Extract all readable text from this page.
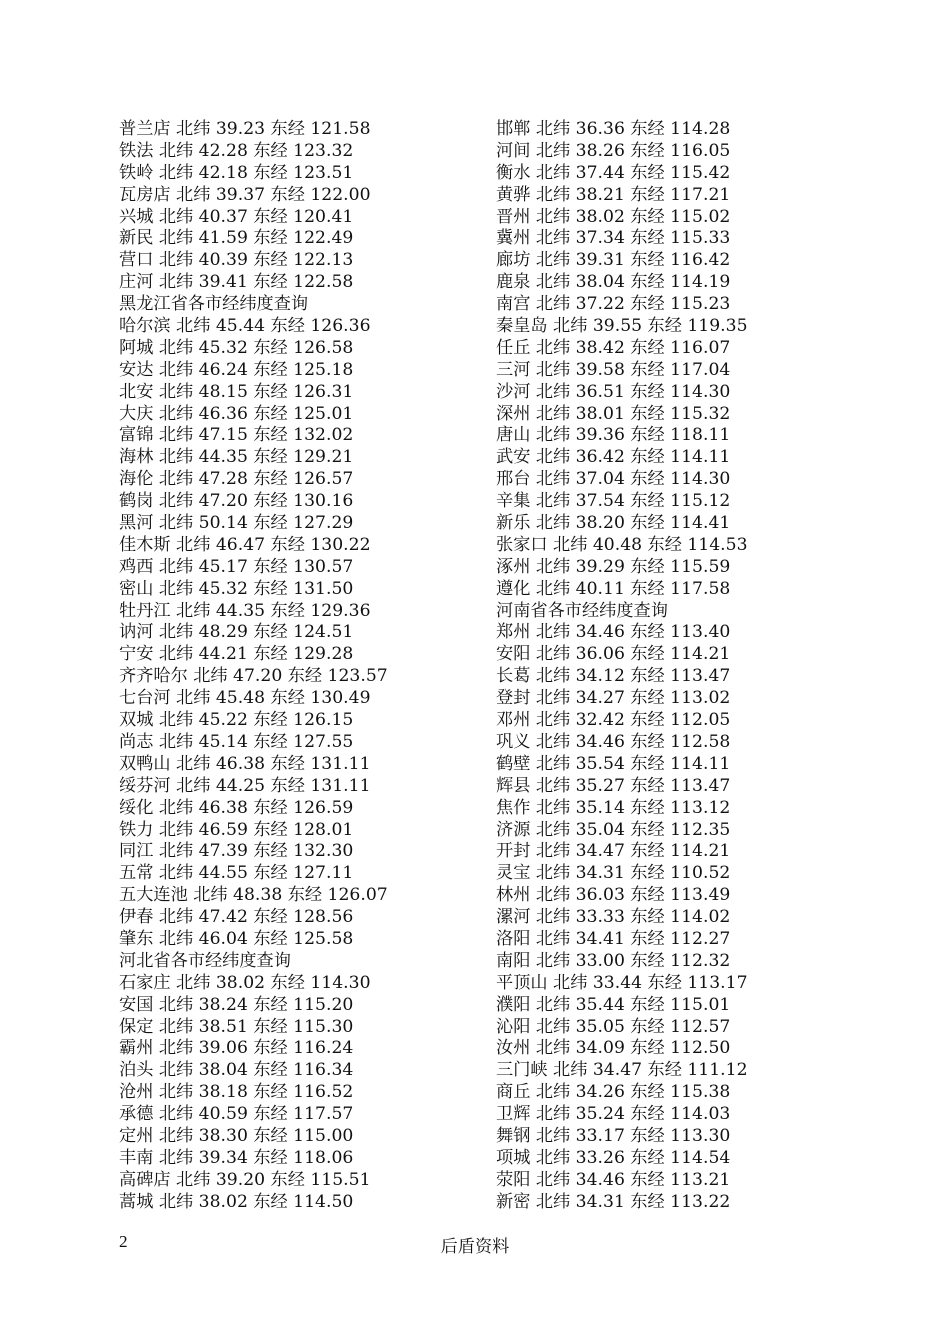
普兰店 北纬 39.23 东经 121.58
铁法 北纬 42.28 东经 123.32
铁岭 北纬 42.18 东经 123.51
瓦房店 北纬 39.37 东经 122.00
兴城 北纬 40.37 东经 120.41
新民 北纬 41.59 东经 122.49
营口 北纬 40.39 东经 122.13
庄河 北纬 39.41 东经 122.58
黑龙江省各市经纬度查询
哈尔滨 北纬 45.44 东经 126.36
阿城 北纬 45.32 东经 126.58
安达 北纬 46.24 东经 125.18
北安 北纬 48.15 东经 126.31
大庆 北纬 46.36 东经 125.01
富锦 北纬 47.15 东经 132.02
海林 北纬 44.35 东经 129.21
海伦 北纬 47.28 东经 126.57
鹤岗 北纬 47.20 东经 130.16
黑河 北纬 50.14 东经 127.29
佳木斯 北纬 46.47 东经 130.22
鸡西 北纬 45.17 东经 130.57
密山 北纬 45.32 东经 131.50
牡丹江 北纬 44.35 东经 129.36
讷河 北纬 48.29 东经 124.51
宁安 北纬 44.21 东经 129.28
齐齐哈尔 北纬 47.20 东经 123.57
七台河 北纬 45.48 东经 130.49
双城 北纬 45.22 东经 126.15
尚志 北纬 45.14 东经 127.55
双鸭山 北纬 46.38 东经 131.11
绥芬河 北纬 44.25 东经 131.11
绥化 北纬 46.38 东经 126.59
铁力 北纬 46.59 东经 128.01
同江 北纬 47.39 东经 132.30
五常 北纬 44.55 东经 127.11
五大连池 北纬 48.38 东经 126.07
伊春 北纬 47.42 东经 128.56
肇东 北纬 46.04 东经 125.58
河北省各市经纬度查询
石家庄 北纬 38.02 东经 114.30
安国 北纬 38.24 东经 115.20
保定 北纬 38.51 东经 115.30
霸州 北纬 39.06 东经 116.24
泊头 北纬 38.04 东经 116.34
沧州 北纬 38.18 东经 116.52
承德 北纬 40.59 东经 117.57
定州 北纬 38.30 东经 115.00
丰南 北纬 39.34 东经 118.06
高碑店 北纬 39.20 东经 115.51
蒿城 北纬 38.02 东经 114.50
邯郸 北纬 36.36 东经 114.28
河间 北纬 38.26 东经 116.05
衡水 北纬 37.44 东经 115.42
黄骅 北纬 38.21 东经 117.21
晋州 北纬 38.02 东经 115.02
冀州 北纬 37.34 东经 115.33
廊坊 北纬 39.31 东经 116.42
鹿泉 北纬 38.04 东经 114.19
南宫 北纬 37.22 东经 115.23
秦皇岛 北纬 39.55 东经 119.35
任丘 北纬 38.42 东经 116.07
三河 北纬 39.58 东经 117.04
沙河 北纬 36.51 东经 114.30
深州 北纬 38.01 东经 115.32
唐山 北纬 39.36 东经 118.11
武安 北纬 36.42 东经 114.11
邢台 北纬 37.04 东经 114.30
辛集 北纬 37.54 东经 115.12
新乐 北纬 38.20 东经 114.41
张家口 北纬 40.48 东经 114.53
涿州 北纬 39.29 东经 115.59
遵化 北纬 40.11 东经 117.58
河南省各市经纬度查询
郑州 北纬 34.46 东经 113.40
安阳 北纬 36.06 东经 114.21
长葛 北纬 34.12 东经 113.47
登封 北纬 34.27 东经 113.02
邓州 北纬 32.42 东经 112.05
巩义 北纬 34.46 东经 112.58
鹤壁 北纬 35.54 东经 114.11
辉县 北纬 35.27 东经 113.47
焦作 北纬 35.14 东经 113.12
济源 北纬 35.04 东经 112.35
开封 北纬 34.47 东经 114.21
灵宝 北纬 34.31 东经 110.52
林州 北纬 36.03 东经 113.49
漯河 北纬 33.33 东经 114.02
洛阳 北纬 34.41 东经 112.27
南阳 北纬 33.00 东经 112.32
平顶山 北纬 33.44 东经 113.17
濮阳 北纬 35.44 东经 115.01
沁阳 北纬 35.05 东经 112.57
汝州 北纬 34.09 东经 112.50
三门峡 北纬 34.47 东经 111.12
商丘 北纬 34.26 东经 115.38
卫辉 北纬 35.24 东经 114.03
舞钢 北纬 33.17 东经 113.30
项城 北纬 33.26 东经 114.54
荥阳 北纬 34.46 东经 113.21
新密 北纬 34.31 东经 113.22
2	后盾资料
